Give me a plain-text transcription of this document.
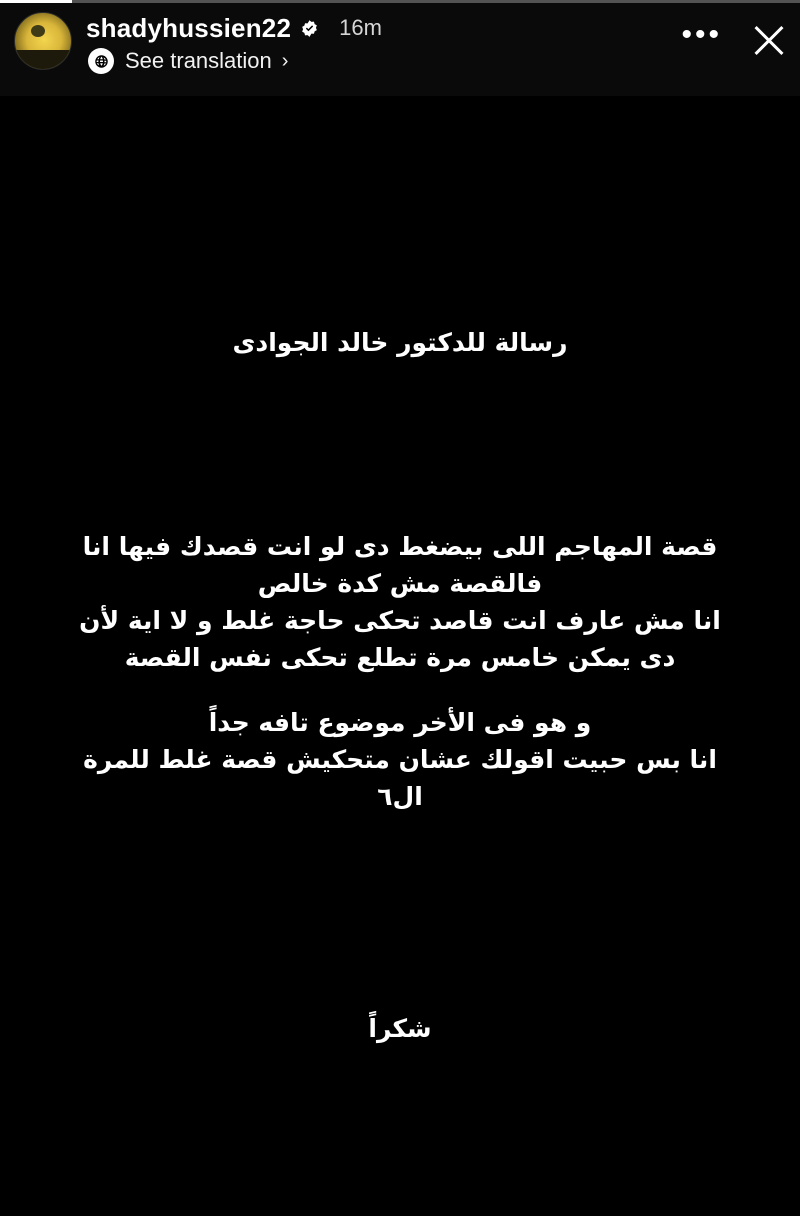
shadyhussien22 16m
See translation ›
•••
رسالة للدكتور خالد الجوادى
قصة المهاجم اللى بيضغط دى لو انت قصدك فيها انا فالقصة مش كدة خالص
انا مش عارف انت قاصد تحكى حاجة غلط و لا اية لأن دى يمكن خامس مرة تطلع تحكى نفس القصة
و هو فى الأخر موضوع تافه جداً
انا بس حبيت اقولك عشان متحكيش قصة غلط للمرة ال٦
شكراً
